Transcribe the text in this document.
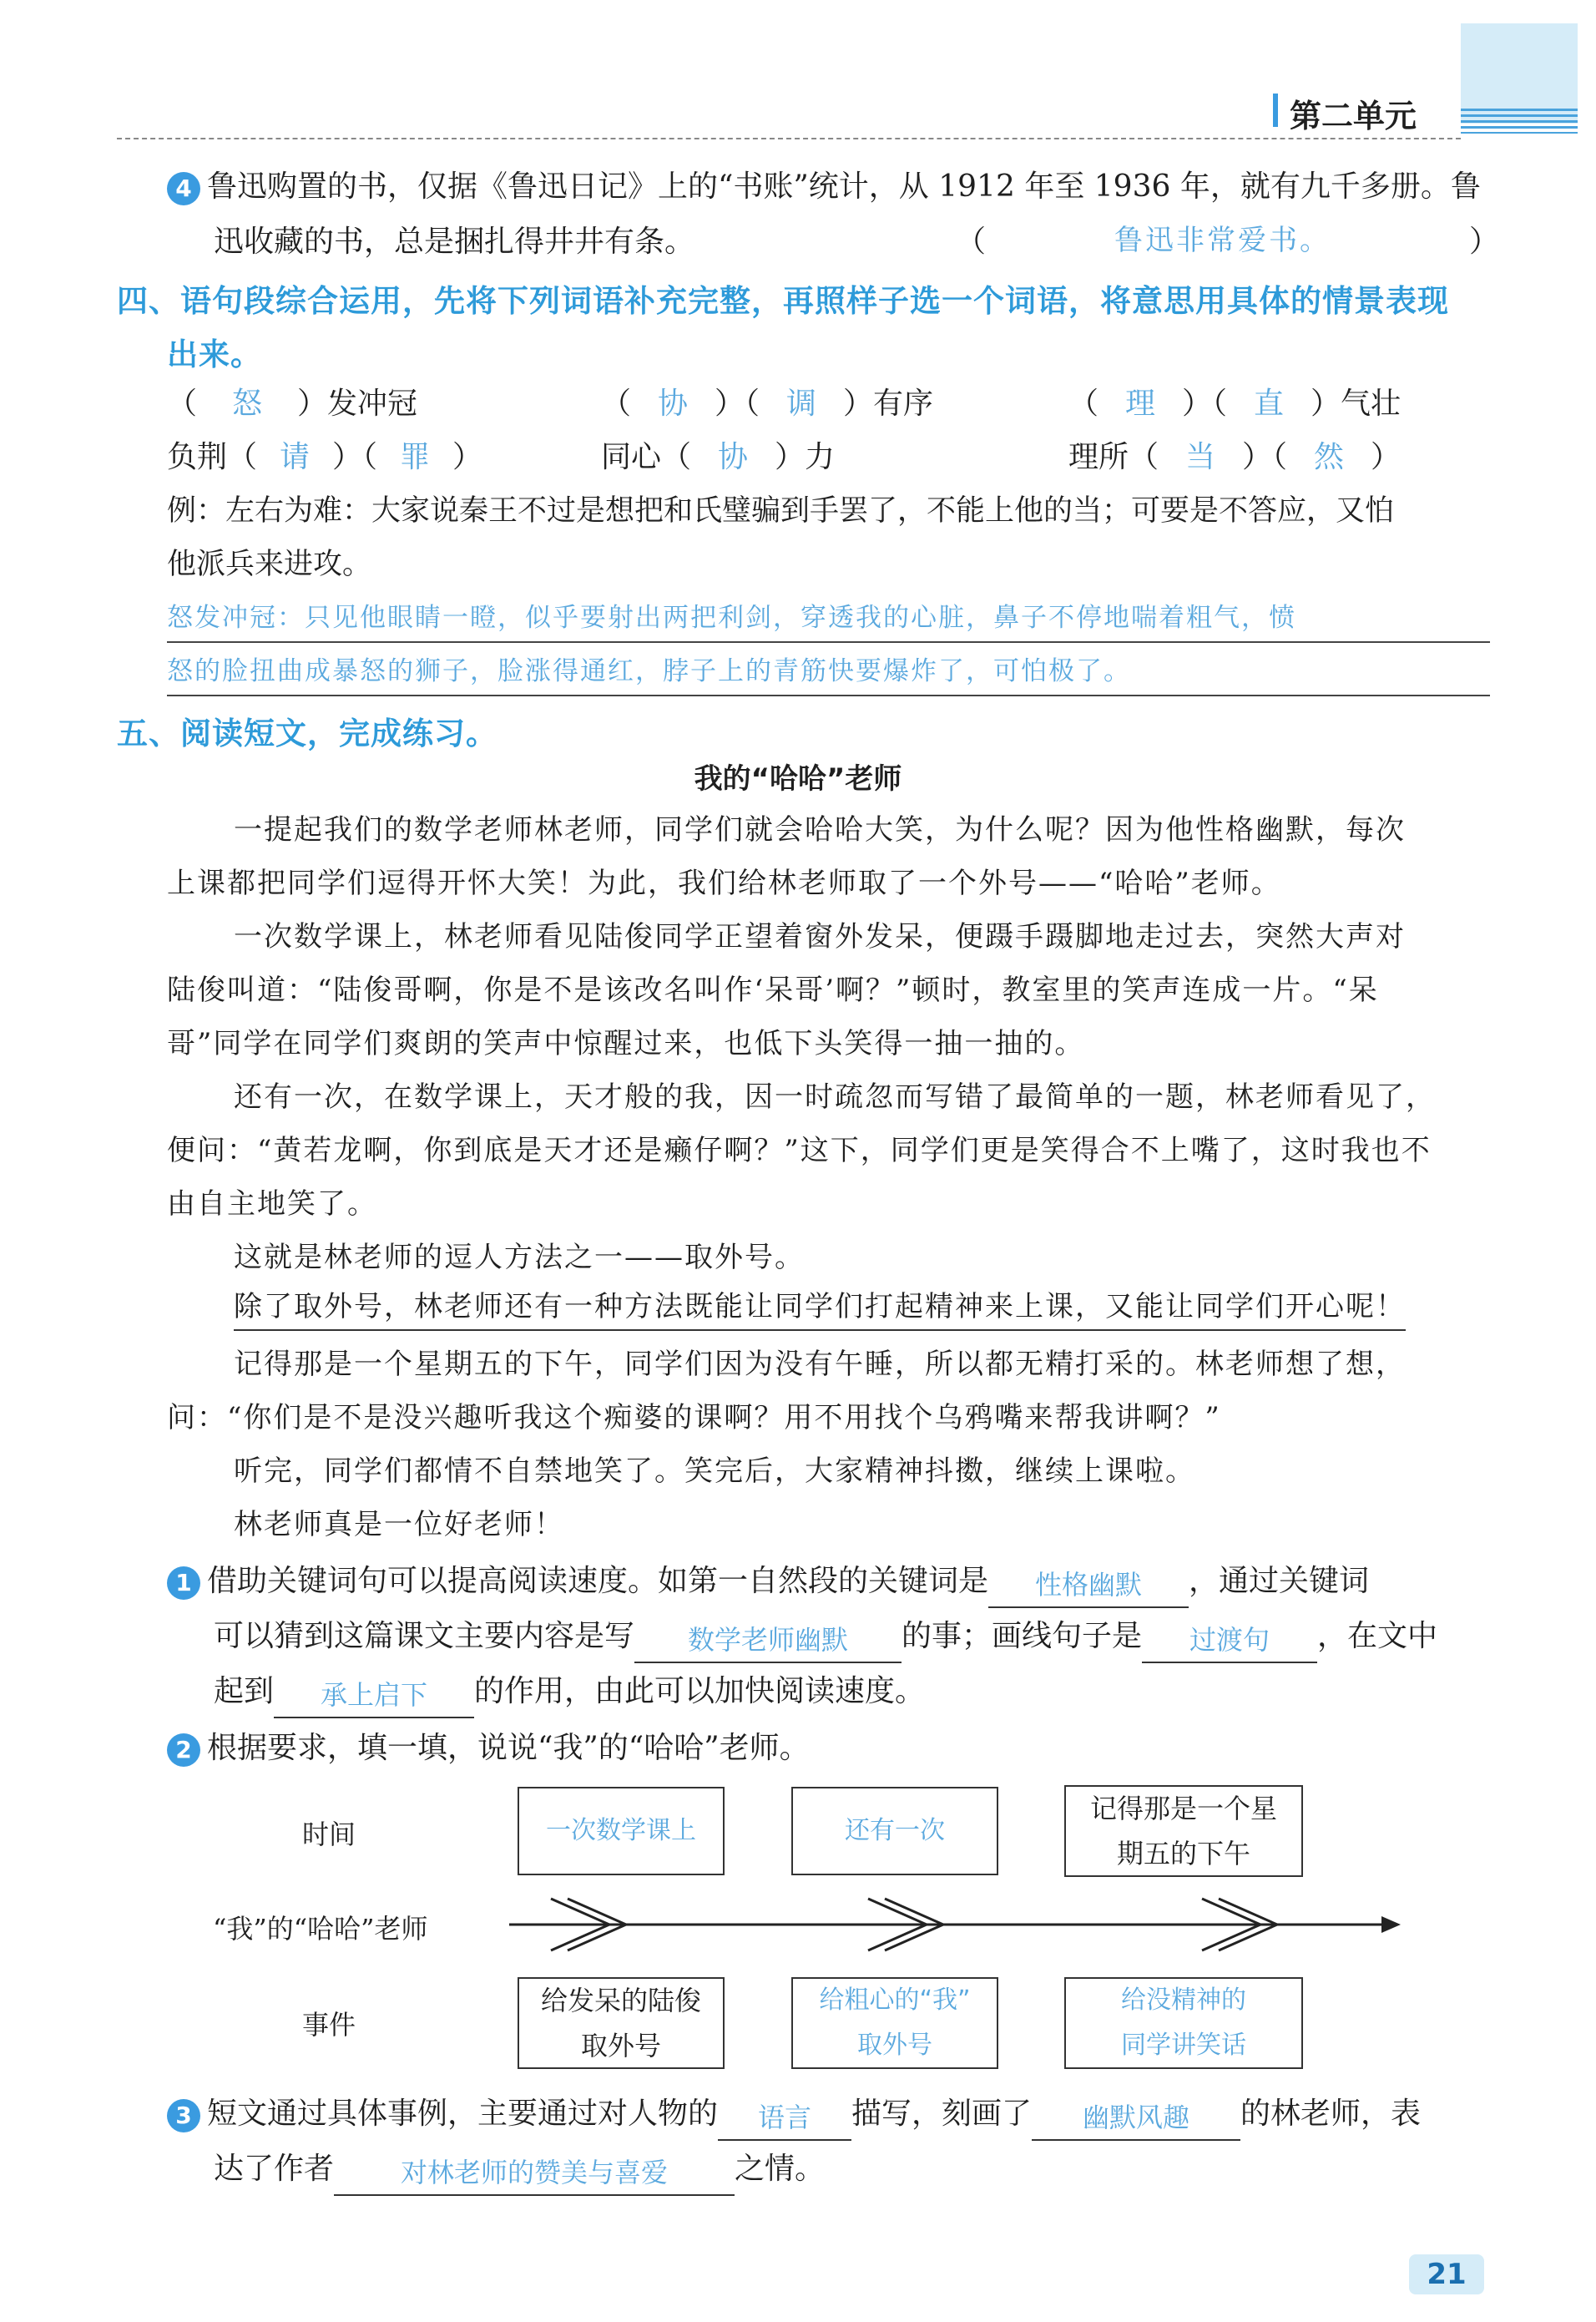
第二单元
4 鲁迅购置的书，仅据《鲁迅日记》上的“书账”统计，从 1912 年至 1936 年，就有九千多册。鲁
迅收藏的书，总是捆扎得井井有条。	（	鲁迅非常爱书。	）
四、语句段综合运用，先将下列词语补充完整，再照样子选一个词语，将意思用具体的情景表现
出来。
（ 怒 ）发冲冠	（ 协 ）（ 调 ）有序	（ 理 ）（ 直 ）气壮
负荆（ 请 ）（ 罪 ）	同心（ 协 ）力	理所（ 当 ）（ 然 ）
例：左右为难：大家说秦王不过是想把和氏璧骗到手罢了，不能上他的当；可要是不答应，又怕
他派兵来进攻。
怒发冲冠：只见他眼睛一瞪，似乎要射出两把利剑，穿透我的心脏，鼻子不停地喘着粗气，愤
怒的脸扭曲成暴怒的狮子，脸涨得通红，脖子上的青筋快要爆炸了，可怕极了。
五、阅读短文，完成练习。
我的“哈哈”老师
一提起我们的数学老师林老师，同学们就会哈哈大笑，为什么呢？因为他性格幽默，每次
上课都把同学们逗得开怀大笑！为此，我们给林老师取了一个外号——“哈哈”老师。
一次数学课上，林老师看见陆俊同学正望着窗外发呆，便蹑手蹑脚地走过去，突然大声对
陆俊叫道：“陆俊哥啊，你是不是该改名叫作‘呆哥’啊？”顿时，教室里的笑声连成一片。“呆
哥”同学在同学们爽朗的笑声中惊醒过来，也低下头笑得一抽一抽的。
还有一次，在数学课上，天才般的我，因一时疏忽而写错了最简单的一题，林老师看见了，
便问：“黄若龙啊，你到底是天才还是癞仔啊？”这下，同学们更是笑得合不上嘴了，这时我也不
由自主地笑了。
这就是林老师的逗人方法之一——取外号。
除了取外号，林老师还有一种方法既能让同学们打起精神来上课，又能让同学们开心呢！
记得那是一个星期五的下午，同学们因为没有午睡，所以都无精打采的。林老师想了想，
问：“你们是不是没兴趣听我这个痴婆的课啊？用不用找个乌鸦嘴来帮我讲啊？”
听完，同学们都情不自禁地笑了。笑完后，大家精神抖擞，继续上课啦。
林老师真是一位好老师！
1 借助关键词句可以提高阅读速度。如第一自然段的关键词是 性格幽默 ，通过关键词
可以猜到这篇课文主要内容是写 数学老师幽默 的事；画线句子是 过渡句 ，在文中
起到 承上启下 的作用，由此可以加快阅读速度。
2 根据要求，填一填，说说“我”的“哈哈”老师。
时间
“我”的“哈哈”老师
事件
一次数学课上	还有一次
记得那是一个星
期五的下午
给发呆的陆俊
取外号
给粗心的“我”
取外号
给没精神的
同学讲笑话
3 短文通过具体事例，主要通过对人物的 语言 描写，刻画了 幽默风趣 的林老师，表
达了作者 对林老师的赞美与喜爱 之情。
21
